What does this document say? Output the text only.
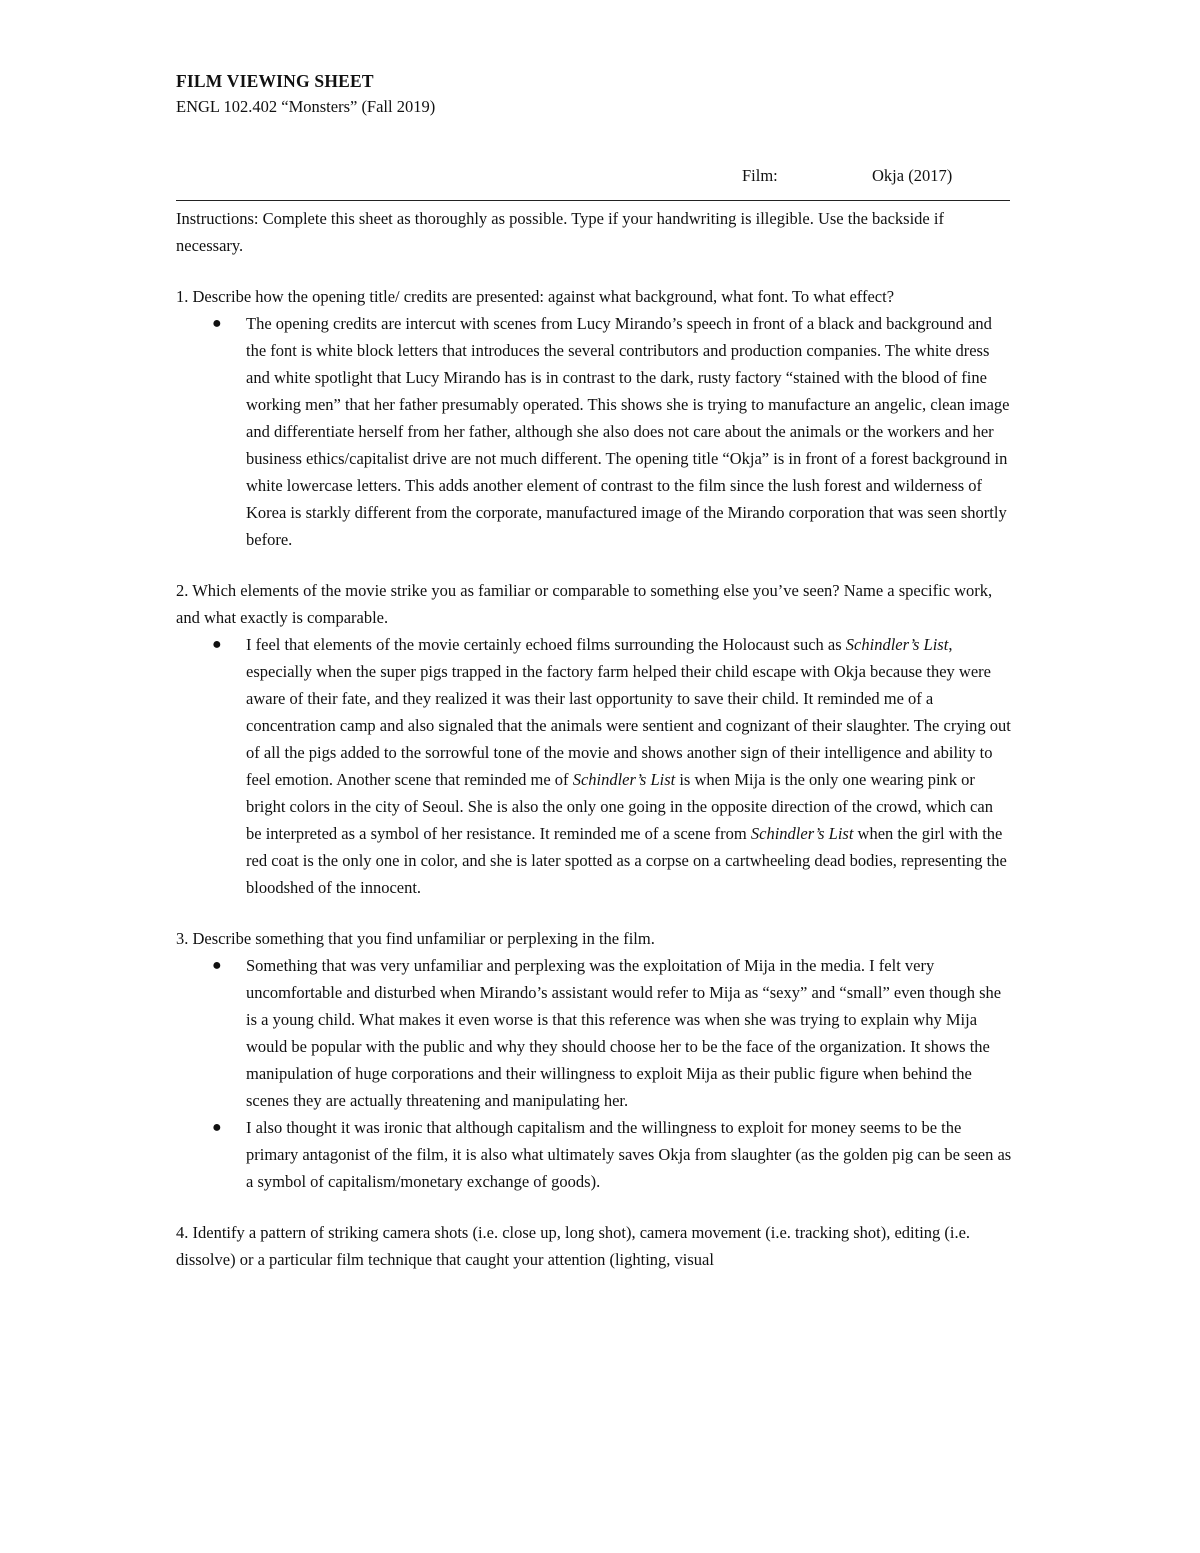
FILM VIEWING SHEET
ENGL 102.402 “Monsters” (Fall 2019)
Film:	Okja (2017)
Instructions: Complete this sheet as thoroughly as possible. Type if your handwriting is illegible. Use the backside if necessary.
1. Describe how the opening title/ credits are presented: against what background, what font. To what effect?
● The opening credits are intercut with scenes from Lucy Mirando’s speech in front of a black and background and the font is white block letters that introduces the several contributors and production companies. The white dress and white spotlight that Lucy Mirando has is in contrast to the dark, rusty factory “stained with the blood of fine working men” that her father presumably operated. This shows she is trying to manufacture an angelic, clean image and differentiate herself from her father, although she also does not care about the animals or the workers and her business ethics/capitalist drive are not much different. The opening title “Okja” is in front of a forest background in white lowercase letters. This adds another element of contrast to the film since the lush forest and wilderness of Korea is starkly different from the corporate, manufactured image of the Mirando corporation that was seen shortly before.
2. Which elements of the movie strike you as familiar or comparable to something else you’ve seen? Name a specific work, and what exactly is comparable.
● I feel that elements of the movie certainly echoed films surrounding the Holocaust such as Schindler’s List, especially when the super pigs trapped in the factory farm helped their child escape with Okja because they were aware of their fate, and they realized it was their last opportunity to save their child. It reminded me of a concentration camp and also signaled that the animals were sentient and cognizant of their slaughter. The crying out of all the pigs added to the sorrowful tone of the movie and shows another sign of their intelligence and ability to feel emotion. Another scene that reminded me of Schindler’s List is when Mija is the only one wearing pink or bright colors in the city of Seoul. She is also the only one going in the opposite direction of the crowd, which can be interpreted as a symbol of her resistance. It reminded me of a scene from Schindler’s List when the girl with the red coat is the only one in color, and she is later spotted as a corpse on a cartwheeling dead bodies, representing the bloodshed of the innocent.
3. Describe something that you find unfamiliar or perplexing in the film.
● Something that was very unfamiliar and perplexing was the exploitation of Mija in the media. I felt very uncomfortable and disturbed when Mirando’s assistant would refer to Mija as “sexy” and “small” even though she is a young child. What makes it even worse is that this reference was when she was trying to explain why Mija would be popular with the public and why they should choose her to be the face of the organization. It shows the manipulation of huge corporations and their willingness to exploit Mija as their public figure when behind the scenes they are actually threatening and manipulating her.
● I also thought it was ironic that although capitalism and the willingness to exploit for money seems to be the primary antagonist of the film, it is also what ultimately saves Okja from slaughter (as the golden pig can be seen as a symbol of capitalism/monetary exchange of goods).
4. Identify a pattern of striking camera shots (i.e. close up, long shot), camera movement (i.e. tracking shot), editing (i.e. dissolve) or a particular film technique that caught your attention (lighting, visual
